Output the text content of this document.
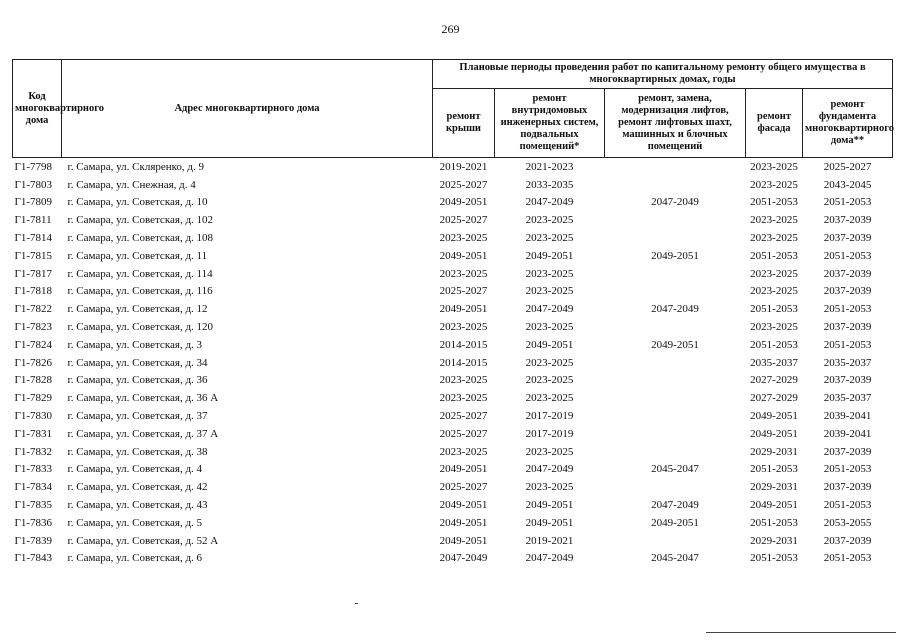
269
Код многоквартирного дома	Адрес многоквартирного дома	Плановые периоды проведения работ по капитальному ремонту общего имущества в многоквартирных домах, годы				
		ремонт крыши	ремонт внутридомовых инженерных систем, подвальных помещений*	ремонт, замена, модернизация лифтов, ремонт лифтовых шахт, машинных и блочных помещений	ремонт фасада	ремонт фундамента многоквартирного дома**
Г1-7798	г. Самара, ул. Скляренко, д. 9	2019-2021	2021-2023		2023-2025	2025-2027
Г1-7803	г. Самара, ул. Снежная, д. 4	2025-2027	2033-2035		2023-2025	2043-2045
Г1-7809	г. Самара, ул. Советская, д. 10	2049-2051	2047-2049	2047-2049	2051-2053	2051-2053
Г1-7811	г. Самара, ул. Советская, д. 102	2025-2027	2023-2025		2023-2025	2037-2039
Г1-7814	г. Самара, ул. Советская, д. 108	2023-2025	2023-2025		2023-2025	2037-2039
Г1-7815	г. Самара, ул. Советская, д. 11	2049-2051	2049-2051	2049-2051	2051-2053	2051-2053
Г1-7817	г. Самара, ул. Советская, д. 114	2023-2025	2023-2025		2023-2025	2037-2039
Г1-7818	г. Самара, ул. Советская, д. 116	2025-2027	2023-2025		2023-2025	2037-2039
Г1-7822	г. Самара, ул. Советская, д. 12	2049-2051	2047-2049	2047-2049	2051-2053	2051-2053
Г1-7823	г. Самара, ул. Советская, д. 120	2023-2025	2023-2025		2023-2025	2037-2039
Г1-7824	г. Самара, ул. Советская, д. 3	2014-2015	2049-2051	2049-2051	2051-2053	2051-2053
Г1-7826	г. Самара, ул. Советская, д. 34	2014-2015	2023-2025		2035-2037	2035-2037
Г1-7828	г. Самара, ул. Советская, д. 36	2023-2025	2023-2025		2027-2029	2037-2039
Г1-7829	г. Самара, ул. Советская, д. 36 А	2023-2025	2023-2025		2027-2029	2035-2037
Г1-7830	г. Самара, ул. Советская, д. 37	2025-2027	2017-2019		2049-2051	2039-2041
Г1-7831	г. Самара, ул. Советская, д. 37 А	2025-2027	2017-2019		2049-2051	2039-2041
Г1-7832	г. Самара, ул. Советская, д. 38	2023-2025	2023-2025		2029-2031	2037-2039
Г1-7833	г. Самара, ул. Советская, д. 4	2049-2051	2047-2049	2045-2047	2051-2053	2051-2053
Г1-7834	г. Самара, ул. Советская, д. 42	2025-2027	2023-2025		2029-2031	2037-2039
Г1-7835	г. Самара, ул. Советская, д. 43	2049-2051	2049-2051	2047-2049	2049-2051	2051-2053
Г1-7836	г. Самара, ул. Советская, д. 5	2049-2051	2049-2051	2049-2051	2051-2053	2053-2055
Г1-7839	г. Самара, ул. Советская, д. 52 А	2049-2051	2019-2021		2029-2031	2037-2039
Г1-7843	г. Самара, ул. Советская, д. 6	2047-2049	2047-2049	2045-2047	2051-2053	2051-2053
